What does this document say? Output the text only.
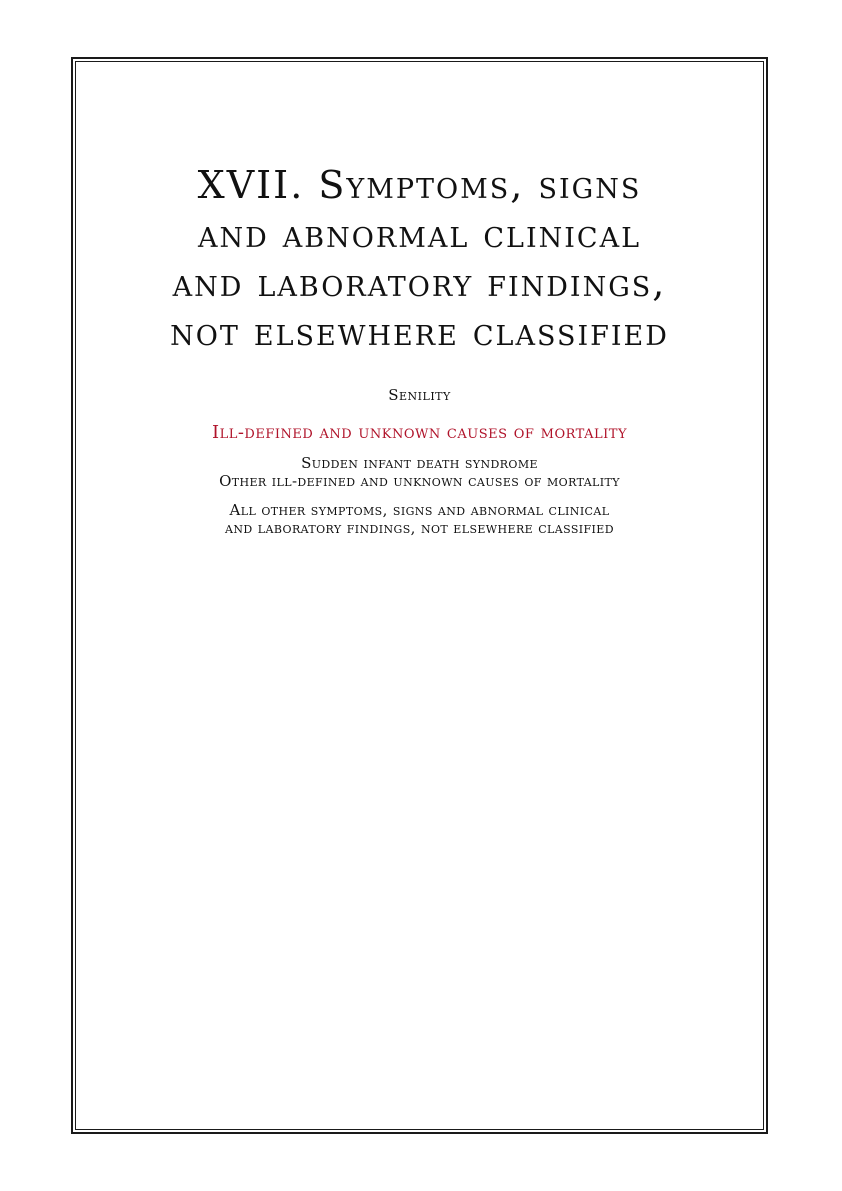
XVII. Symptoms, signs
and abnormal clinical
and laboratory findings,
not elsewhere classified
Senility
Ill-defined and unknown causes of mortality
Sudden infant death syndrome
Other ill-defined and unknown causes of mortality
All other symptoms, signs and abnormal clinical
and laboratory findings, not elsewhere classified
